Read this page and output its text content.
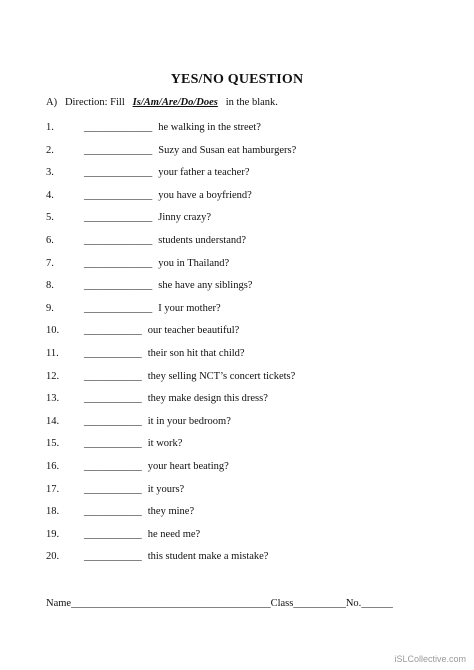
YES/NO QUESTION
A) Direction: Fill Is/Am/Are/Do/Does in the blank.
1.	_____________ he walking in the street?
2.	_____________ Suzy and Susan eat hamburgers?
3.	_____________ your father a teacher?
4.	_____________ you have a boyfriend?
5.	_____________ Jinny crazy?
6.	_____________ students understand?
7.	_____________ you in Thailand?
8.	_____________ she have any siblings?
9.	_____________ I your mother?
10.	___________ our teacher beautiful?
11.	___________ their son hit that child?
12.	___________ they selling NCT’s concert tickets?
13.	___________ they make design this dress?
14.	___________ it in your bedroom?
15.	___________ it work?
16.	___________ your heart beating?
17.	___________ it yours?
18.	___________ they mine?
19.	___________ he need me?
20.	___________ this student make a mistake?
Name______________________________________Class__________No.______
iSLCollective.com
